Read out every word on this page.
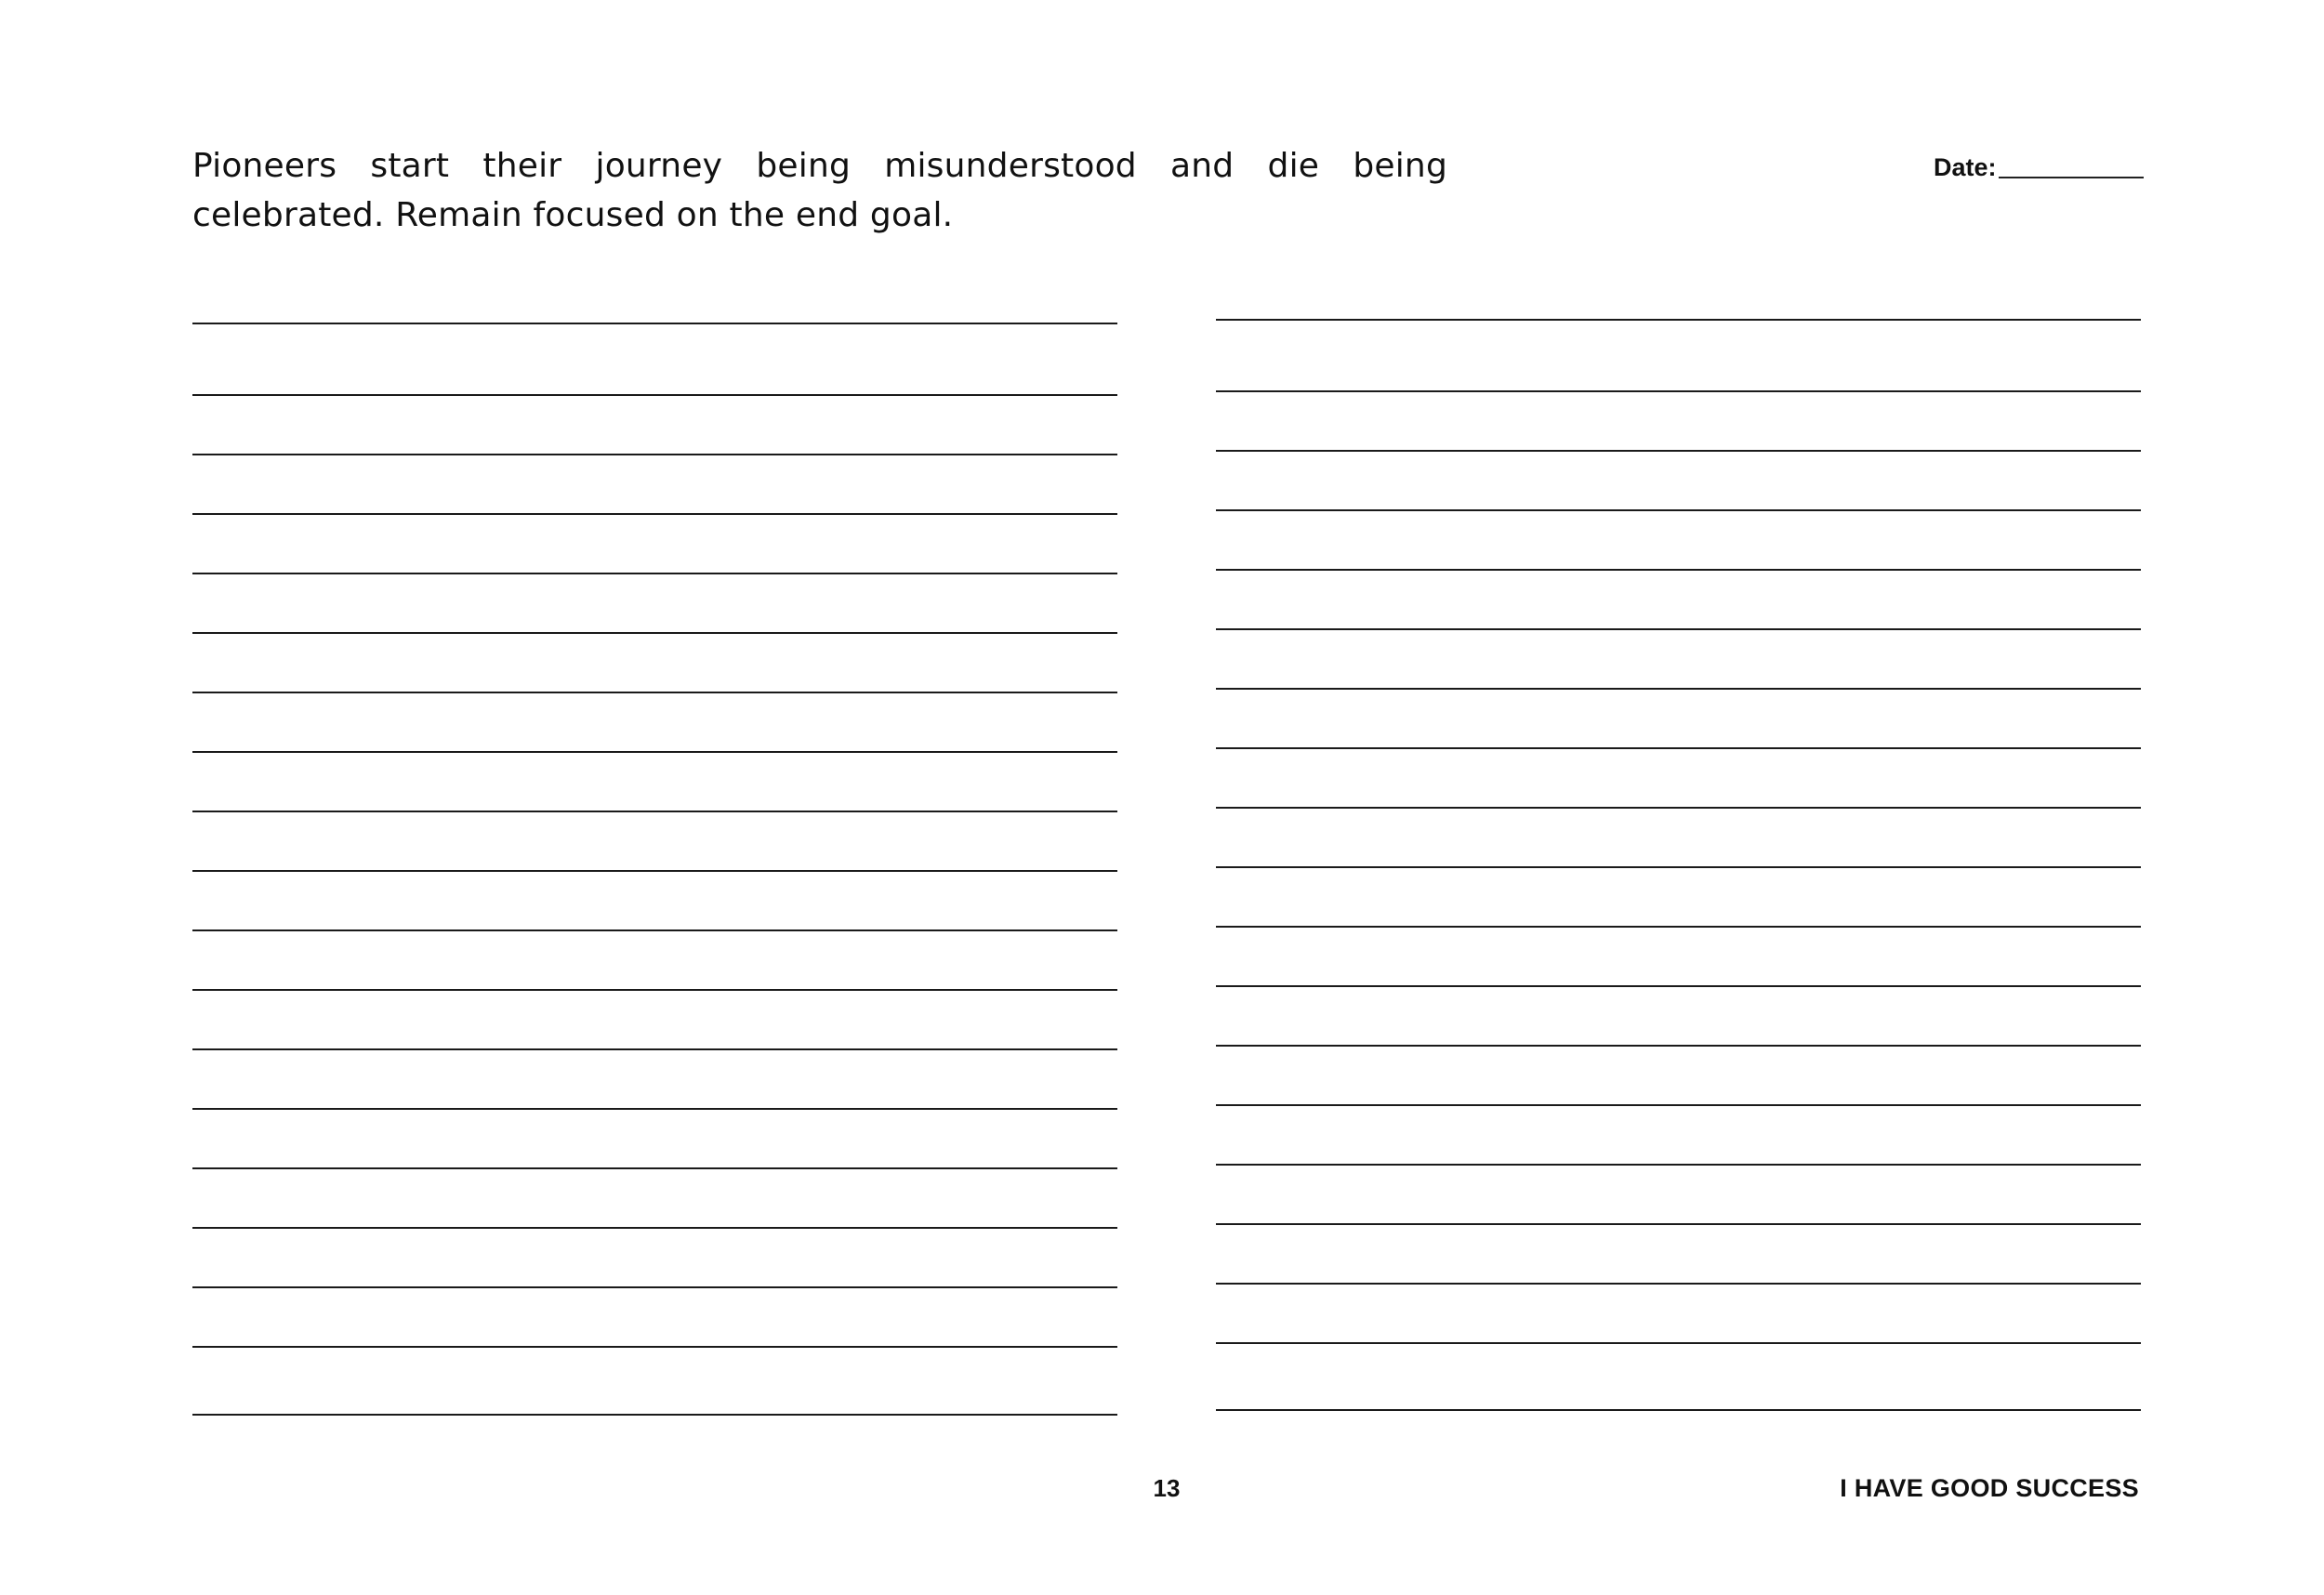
Pioneers start their journey being misunderstood and die being celebrated. Remain focused on the end goal.

Date:
13	I HAVE GOOD SUCCESS
